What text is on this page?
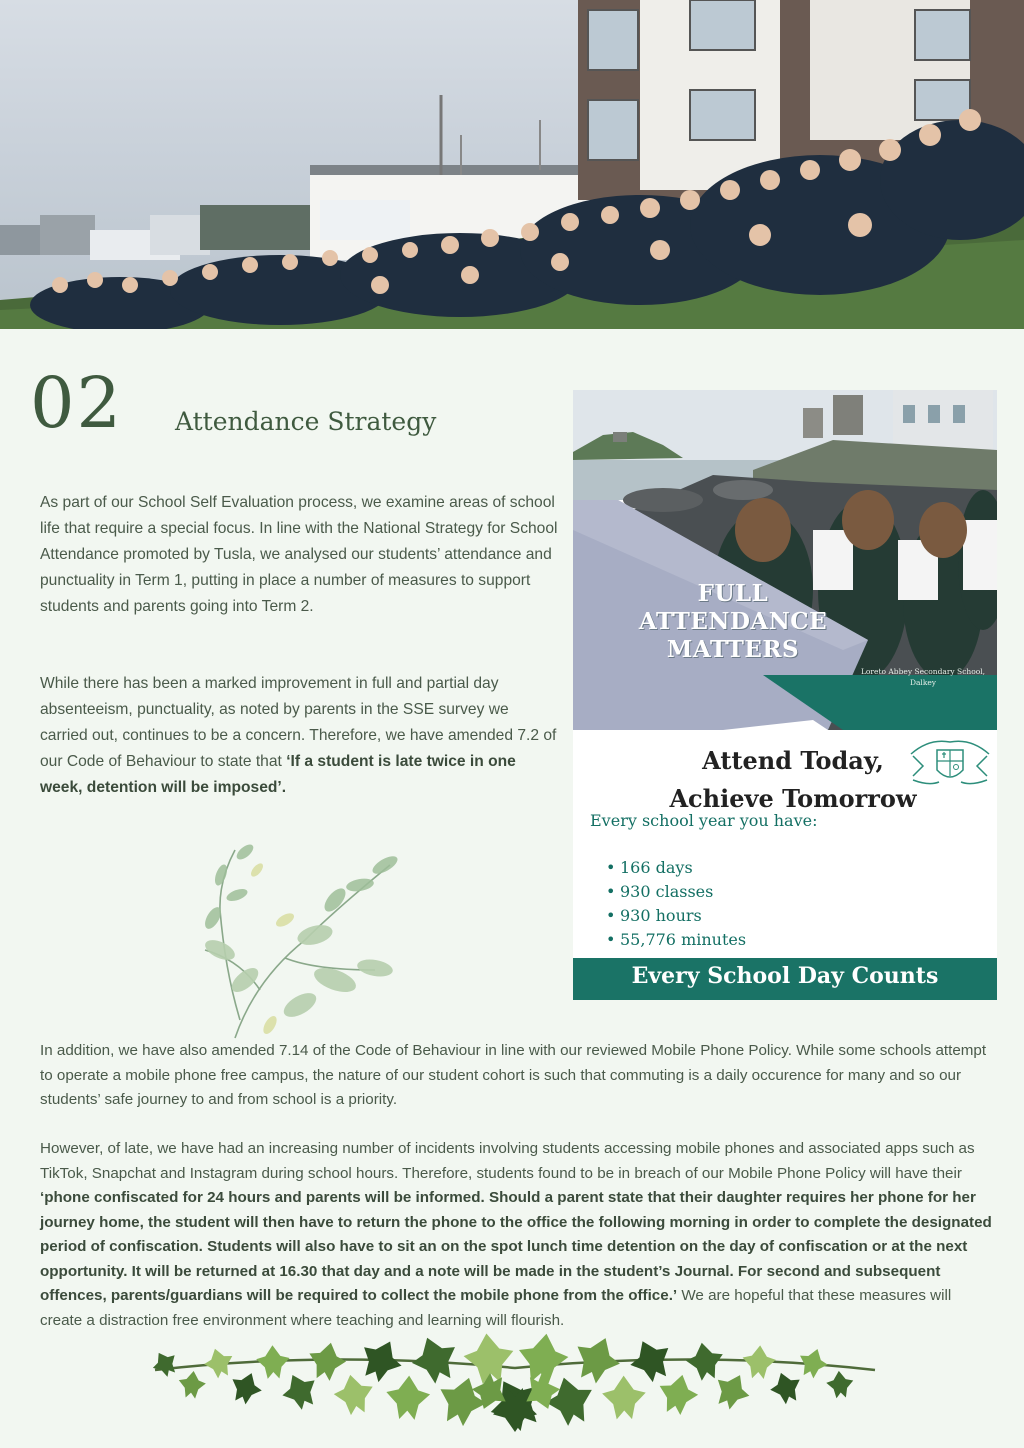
02 Attendance Strategy

As part of our School Self Evaluation process, we examine areas of school life that require a special focus. In line with the National Strategy for School Attendance promoted by Tusla, we analysed our students’ attendance and punctuality in Term 1, putting in place a number of measures to support students and parents going into Term 2.

While there has been a marked improvement in full and partial day absenteeism, punctuality, as noted by parents in the SSE survey we carried out, continues to be a concern. Therefore, we have amended 7.2 of our Code of Behaviour to state that ‘If a student is late twice in one week, detention will be imposed’.

FULL
ATTENDANCE
MATTERS
Loreto Abbey Secondary School,
Dalkey
Attend Today,
Achieve Tomorrow
Every school year you have:
• 166 days
• 930 classes
• 930 hours
• 55,776 minutes
Every School Day Counts

In addition, we have also amended 7.14 of the Code of Behaviour in line with our reviewed Mobile Phone Policy. While some schools attempt to operate a mobile phone free campus, the nature of our student cohort is such that commuting is a daily occurence for many and so our students’ safe journey to and from school is a priority.

However, of late, we have had an increasing number of incidents involving students accessing mobile phones and associated apps such as TikTok, Snapchat and Instagram during school hours. Therefore, students found to be in breach of our Mobile Phone Policy will have their ‘phone confiscated for 24 hours and parents will be informed. Should a parent state that their daughter requires her phone for her journey home, the student will then have to return the phone to the office the following morning in order to complete the designated period of confiscation. Students will also have to sit an on the spot lunch time detention on the day of confiscation or at the next opportunity. It will be returned at 16.30 that day and a note will be made in the student’s Journal. For second and subsequent offences, parents/guardians will be required to collect the mobile phone from the office.’ We are hopeful that these measures will create a distraction free environment where teaching and learning will flourish.
